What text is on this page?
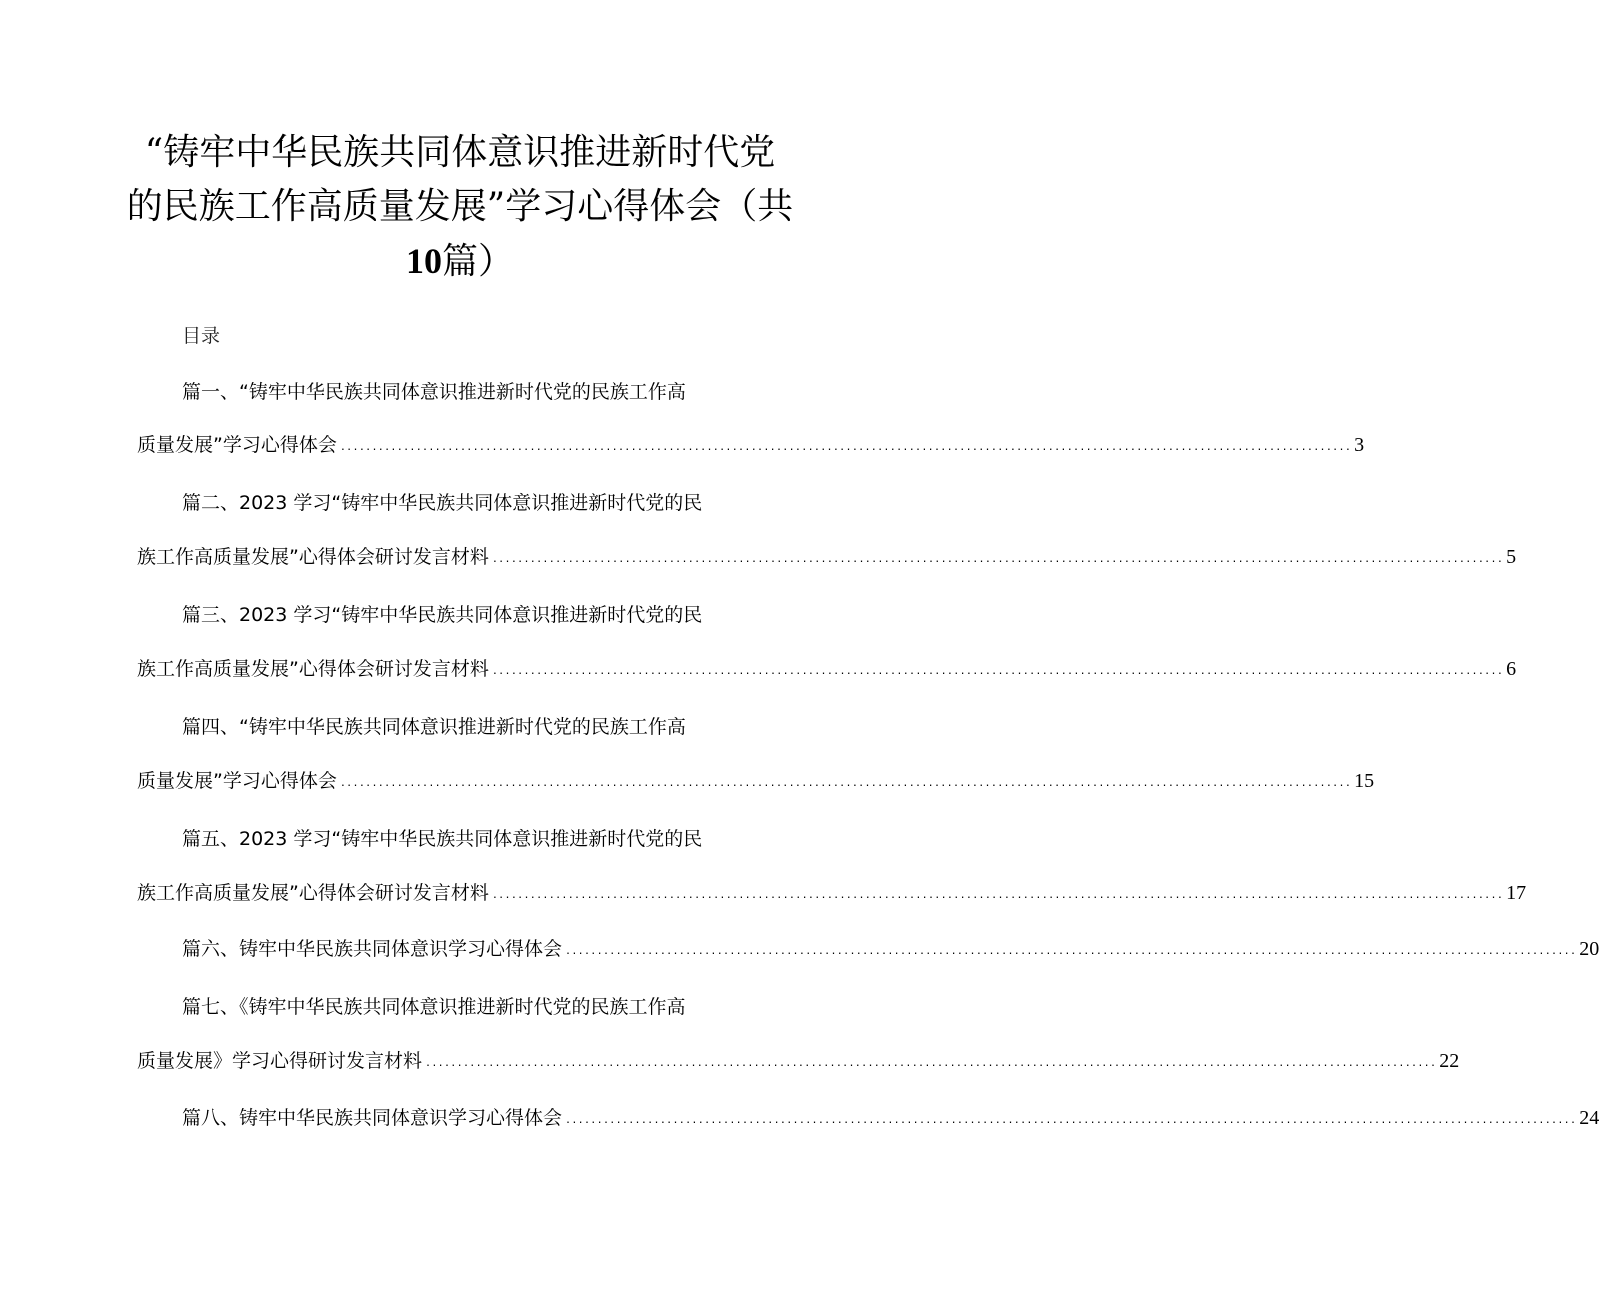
“铸牢中华民族共同体意识推进新时代党
的民族工作高质量发展”学习心得体会（共
10篇）
目录
篇一、“铸牢中华民族共同体意识推进新时代党的民族工作高
质量发展”学习心得体会 ................................................................................................................................................................ 3
篇二、2023 学习“铸牢中华民族共同体意识推进新时代党的民
族工作高质量发展”心得体会研讨发言材料 ................................................................................................................................................................ 5
篇三、2023 学习“铸牢中华民族共同体意识推进新时代党的民
族工作高质量发展”心得体会研讨发言材料 ................................................................................................................................................................ 6
篇四、“铸牢中华民族共同体意识推进新时代党的民族工作高
质量发展”学习心得体会 ................................................................................................................................................................ 15
篇五、2023 学习“铸牢中华民族共同体意识推进新时代党的民
族工作高质量发展”心得体会研讨发言材料 ................................................................................................................................................................ 17
篇六、铸牢中华民族共同体意识学习心得体会 ................................................................................................................................................................ 20
篇七、《铸牢中华民族共同体意识推进新时代党的民族工作高
质量发展》学习心得研讨发言材料 ................................................................................................................................................................ 22
篇八、铸牢中华民族共同体意识学习心得体会 ................................................................................................................................................................ 24
